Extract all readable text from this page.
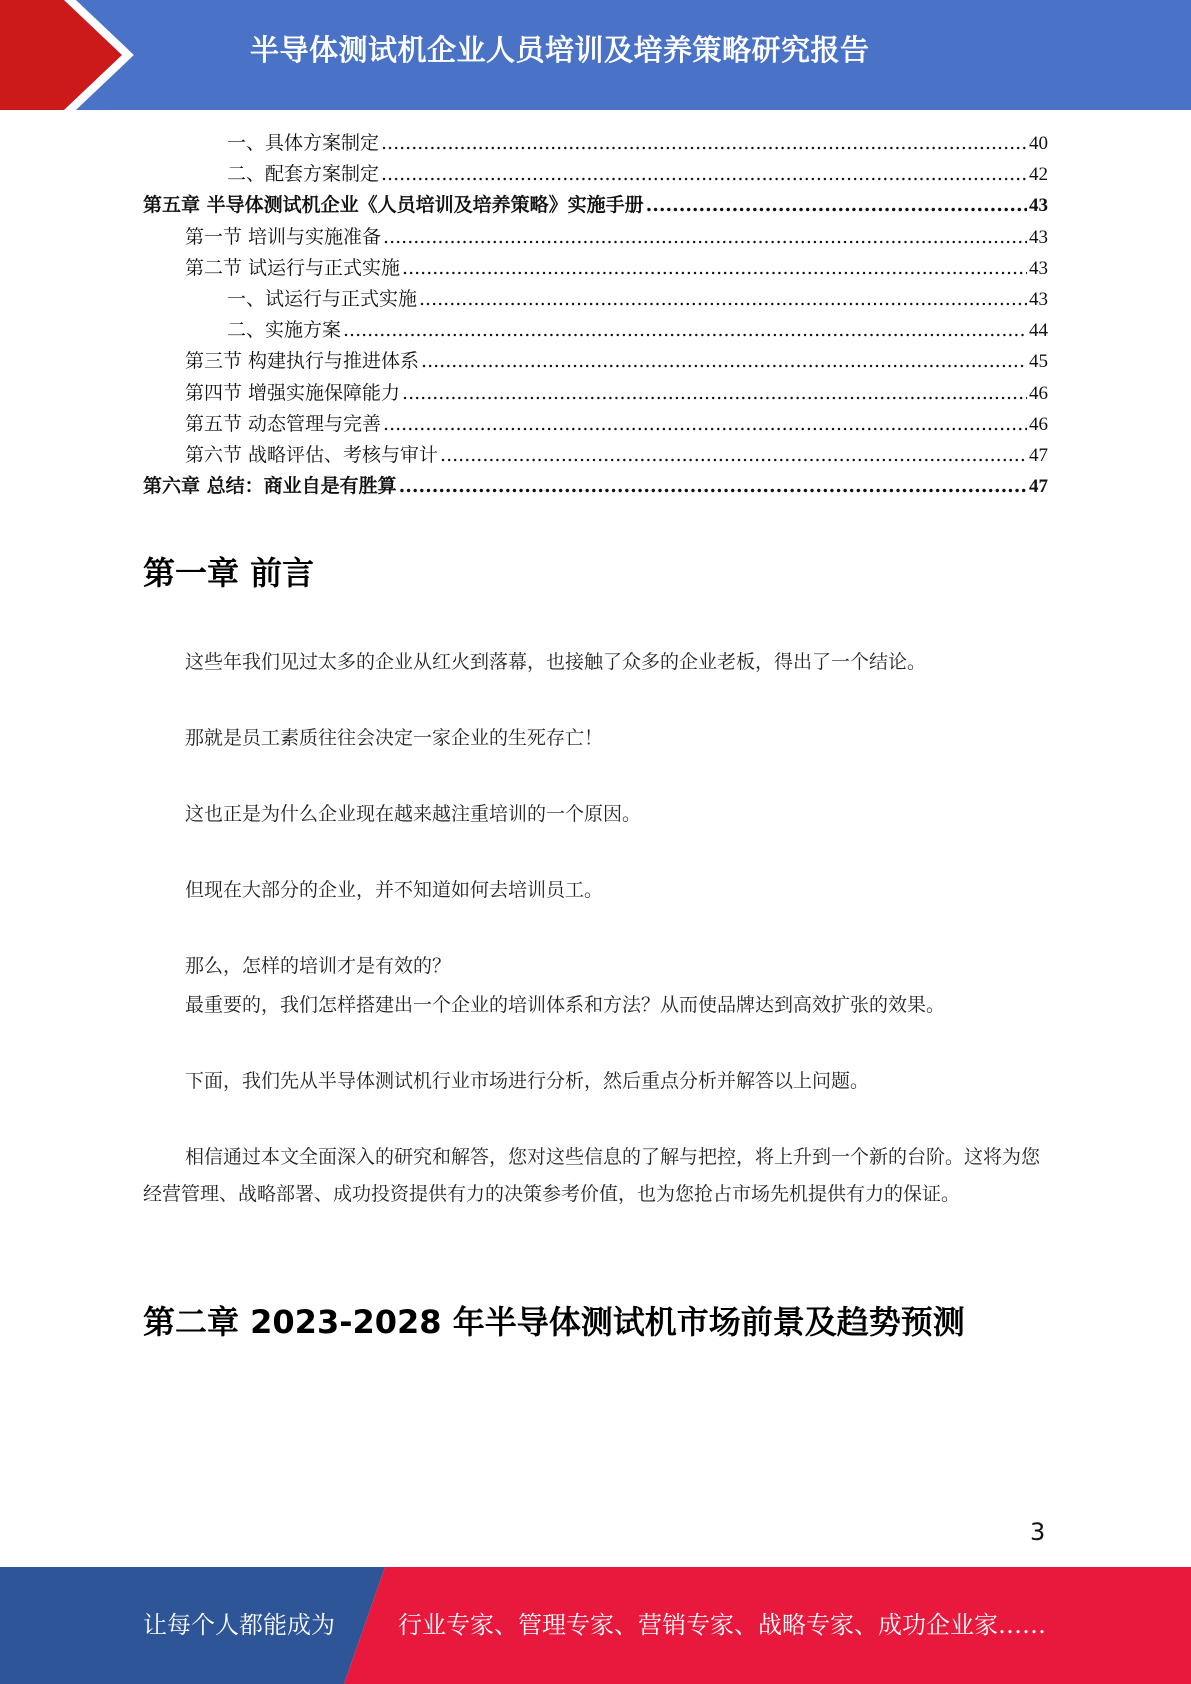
半导体测试机企业人员培训及培养策略研究报告
一、具体方案制定 .....	40
二、配套方案制定 .....	42
第五章 半导体测试机企业《人员培训及培养策略》实施手册 .....	43
第一节 培训与实施准备 .....	43
第二节 试运行与正式实施 .....	43
一、试运行与正式实施 .....	43
二、实施方案 .....	44
第三节 构建执行与推进体系 .....	45
第四节 增强实施保障能力 .....	46
第五节 动态管理与完善 .....	46
第六节 战略评估、考核与审计 .....	47
第六章 总结：商业自是有胜算 .....	47
第一章 前言

这些年我们见过太多的企业从红火到落幕，也接触了众多的企业老板，得出了一个结论。

那就是员工素质往往会决定一家企业的生死存亡！

这也正是为什么企业现在越来越注重培训的一个原因。

但现在大部分的企业，并不知道如何去培训员工。

那么，怎样的培训才是有效的？

最重要的，我们怎样搭建出一个企业的培训体系和方法？从而使品牌达到高效扩张的效果。

下面，我们先从半导体测试机行业市场进行分析，然后重点分析并解答以上问题。

相信通过本文全面深入的研究和解答，您对这些信息的了解与把控，将上升到一个新的台阶。这将为您经营管理、战略部署、成功投资提供有力的决策参考价值，也为您抢占市场先机提供有力的保证。

第二章 2023-2028 年半导体测试机市场前景及趋势预测
3
让每个人都能成为	行业专家、管理专家、营销专家、战略专家、成功企业家……
